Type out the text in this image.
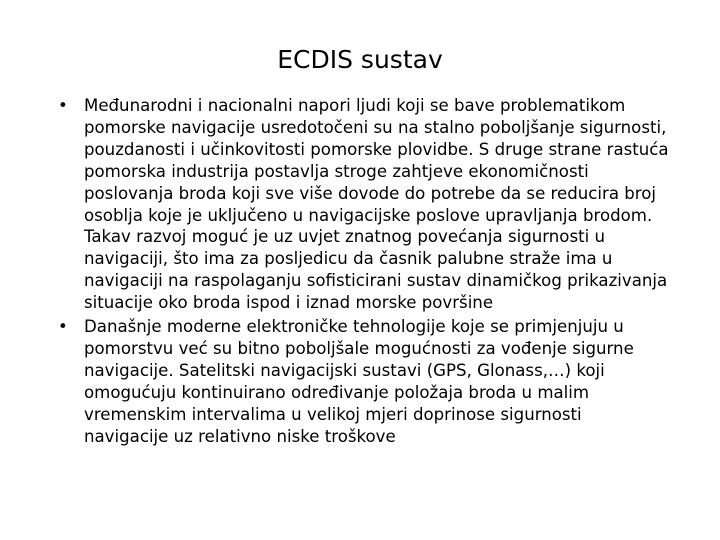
ECDIS sustav
• Međunarodni i nacionalni napori ljudi koji se bave problematikom pomorske navigacije usredotočeni su na stalno poboljšanje sigurnosti, pouzdanosti i učinkovitosti pomorske plovidbe. S druge strane rastuća pomorska industrija postavlja stroge zahtjeve ekonomičnosti poslovanja broda koji sve više dovode do potrebe da se reducira broj osoblja koje je uključeno u navigacijske poslove upravljanja brodom. Takav razvoj moguć je uz uvjet znatnog povećanja sigurnosti u navigaciji, što ima za posljedicu da časnik palubne straže ima u navigaciji na raspolaganju sofisticirani sustav dinamičkog prikazivanja situacije oko broda ispod i iznad morske površine
• Današnje moderne elektroničke tehnologije koje se primjenjuju u pomorstvu već su bitno poboljšale mogućnosti za vođenje sigurne navigacije. Satelitski navigacijski sustavi (GPS, Glonass,…) koji omogućuju kontinuirano određivanje položaja broda u malim vremenskim intervalima u velikoj mjeri doprinose sigurnosti navigacije uz relativno niske troškove
